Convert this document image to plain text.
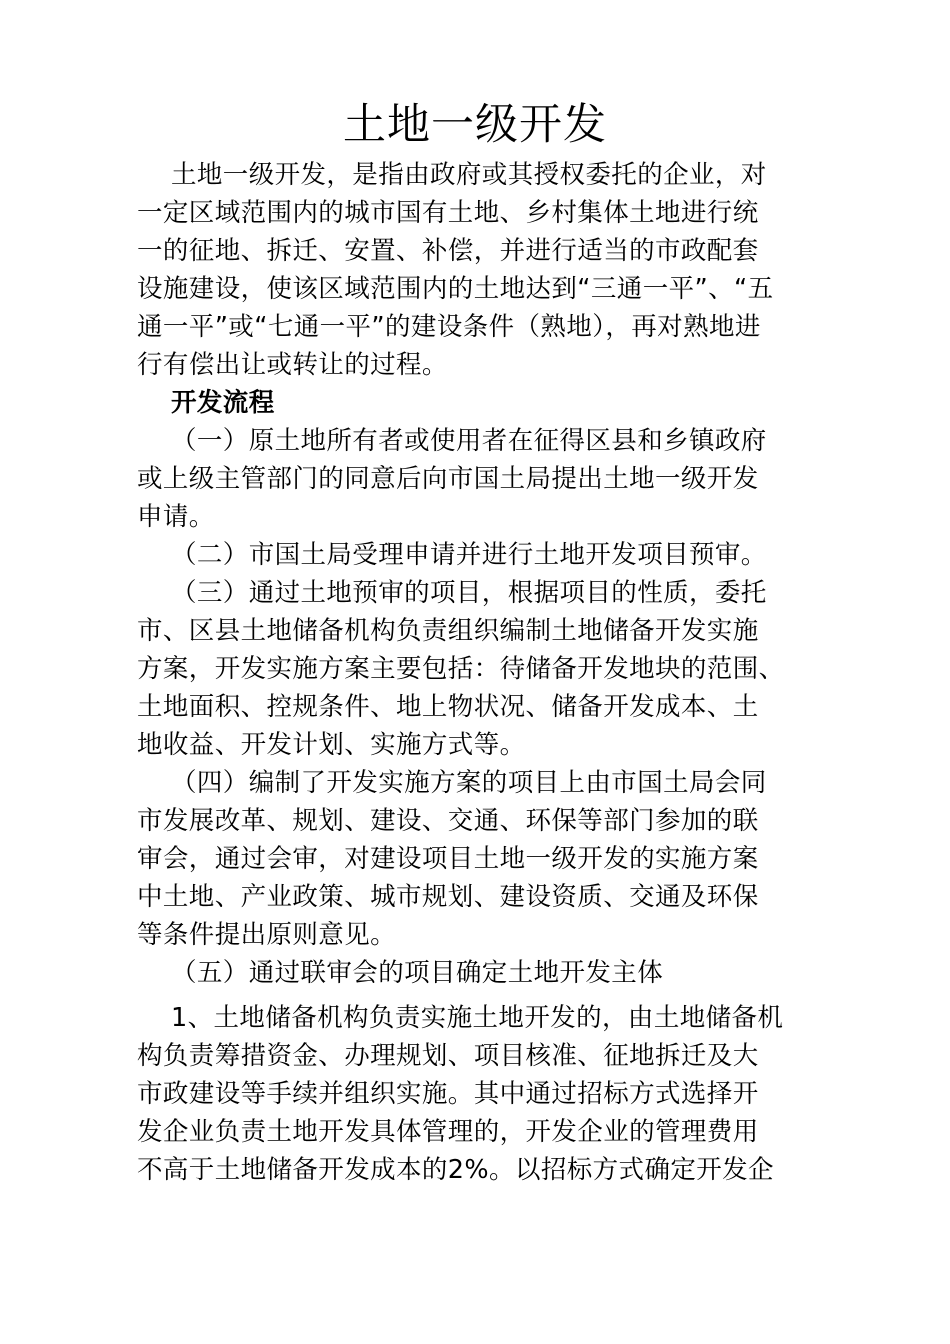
土地一级开发
土地一级开发，是指由政府或其授权委托的企业，对
一定区域范围内的城市国有土地、乡村集体土地进行统
一的征地、拆迁、安置、补偿，并进行适当的市政配套
设施建设，使该区域范围内的土地达到“三通一平”、“五
通一平”或“七通一平”的建设条件（熟地），再对熟地进
行有偿出让或转让的过程。
开发流程
（一）原土地所有者或使用者在征得区县和乡镇政府
或上级主管部门的同意后向市国土局提出土地一级开发
申请。
（二）市国土局受理申请并进行土地开发项目预审。
（三）通过土地预审的项目，根据项目的性质，委托
市、区县土地储备机构负责组织编制土地储备开发实施
方案，开发实施方案主要包括：待储备开发地块的范围、
土地面积、控规条件、地上物状况、储备开发成本、土
地收益、开发计划、实施方式等。
（四）编制了开发实施方案的项目上由市国土局会同
市发展改革、规划、建设、交通、环保等部门参加的联
审会，通过会审，对建设项目土地一级开发的实施方案
中土地、产业政策、城市规划、建设资质、交通及环保
等条件提出原则意见。
（五）通过联审会的项目确定土地开发主体
1、土地储备机构负责实施土地开发的，由土地储备机
构负责筹措资金、办理规划、项目核准、征地拆迁及大
市政建设等手续并组织实施。其中通过招标方式选择开
发企业负责土地开发具体管理的，开发企业的管理费用
不高于土地储备开发成本的2%。以招标方式确定开发企
